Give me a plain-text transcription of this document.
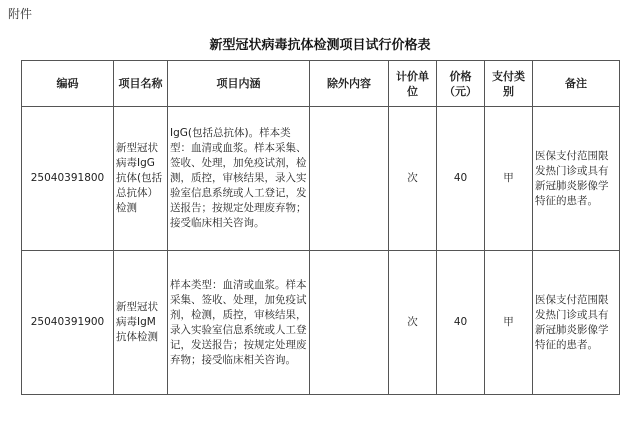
附件
新型冠状病毒抗体检测项目试行价格表
编码	项目名称	项目内涵	除外内容	计价单位	价格（元）	支付类别	备注
25040391800	新型冠状病毒IgG抗体(包括总抗体）检测	IgG(包括总抗体)。样本类型：血清或血浆。样本采集、签收、处理，加免疫试剂，检测，质控，审核结果，录入实验室信息系统或人工登记，发送报告；按规定处理废弃物；接受临床相关咨询。		次	40	甲	医保支付范围限发热门诊或具有新冠肺炎影像学特征的患者。
25040391900	新型冠状病毒IgM抗体检测	样本类型：血清或血浆。样本采集、签收、处理，加免疫试剂，检测，质控，审核结果，录入实验室信息系统或人工登记，发送报告；按规定处理废弃物；接受临床相关咨询。		次	40	甲	医保支付范围限发热门诊或具有新冠肺炎影像学特征的患者。
